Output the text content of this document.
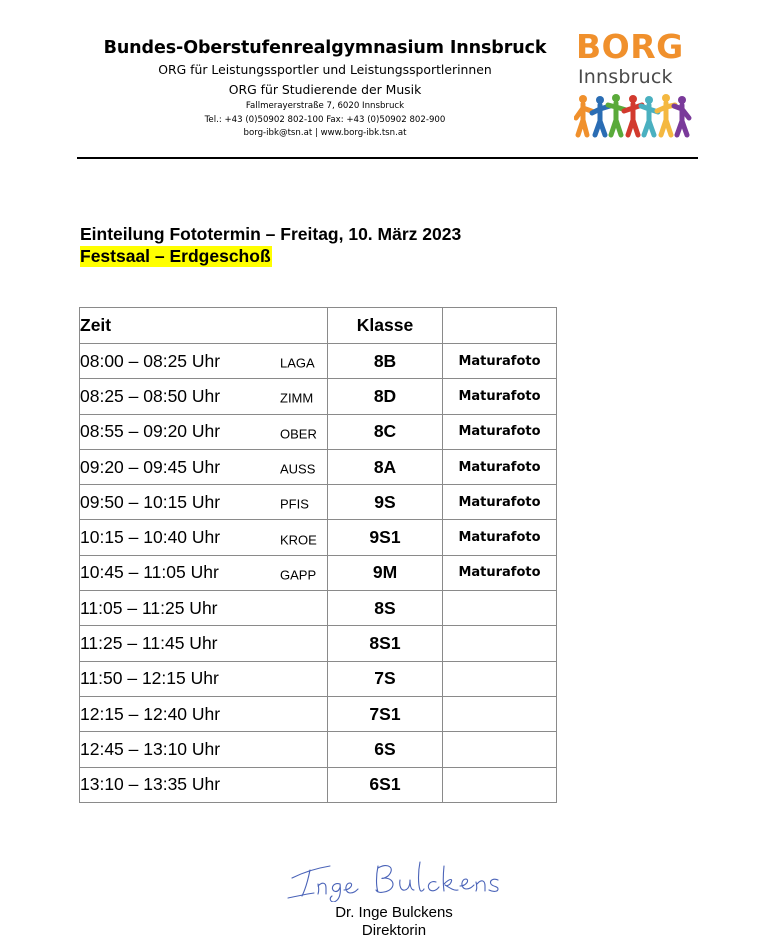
Bundes-Oberstufenrealgymnasium Innsbruck
ORG für Leistungssportler und Leistungssportlerinnen
ORG für Studierende der Musik
Fallmerayerstraße 7, 6020 Innsbruck
Tel.: +43 (0)50902 802-100 Fax: +43 (0)50902 802-900
borg-ibk@tsn.at | www.borg-ibk.tsn.at
BORG
Innsbruck
Einteilung Fototermin – Freitag, 10. März 2023
Festsaal – Erdgeschoß
Zeit	Klasse	
08:00 – 08:25 Uhr LAGA	8B	Maturafoto
08:25 – 08:50 Uhr ZIMM	8D	Maturafoto
08:55 – 09:20 Uhr OBER	8C	Maturafoto
09:20 – 09:45 Uhr AUSS	8A	Maturafoto
09:50 – 10:15 Uhr PFIS	9S	Maturafoto
10:15 – 10:40 Uhr KROE	9S1	Maturafoto
10:45 – 11:05 Uhr GAPP	9M	Maturafoto
11:05 – 11:25 Uhr	8S	
11:25 – 11:45 Uhr	8S1	
11:50 – 12:15 Uhr	7S	
12:15 – 12:40 Uhr	7S1	
12:45 – 13:10 Uhr	6S	
13:10 – 13:35 Uhr	6S1	
Dr. Inge Bulckens
Direktorin
